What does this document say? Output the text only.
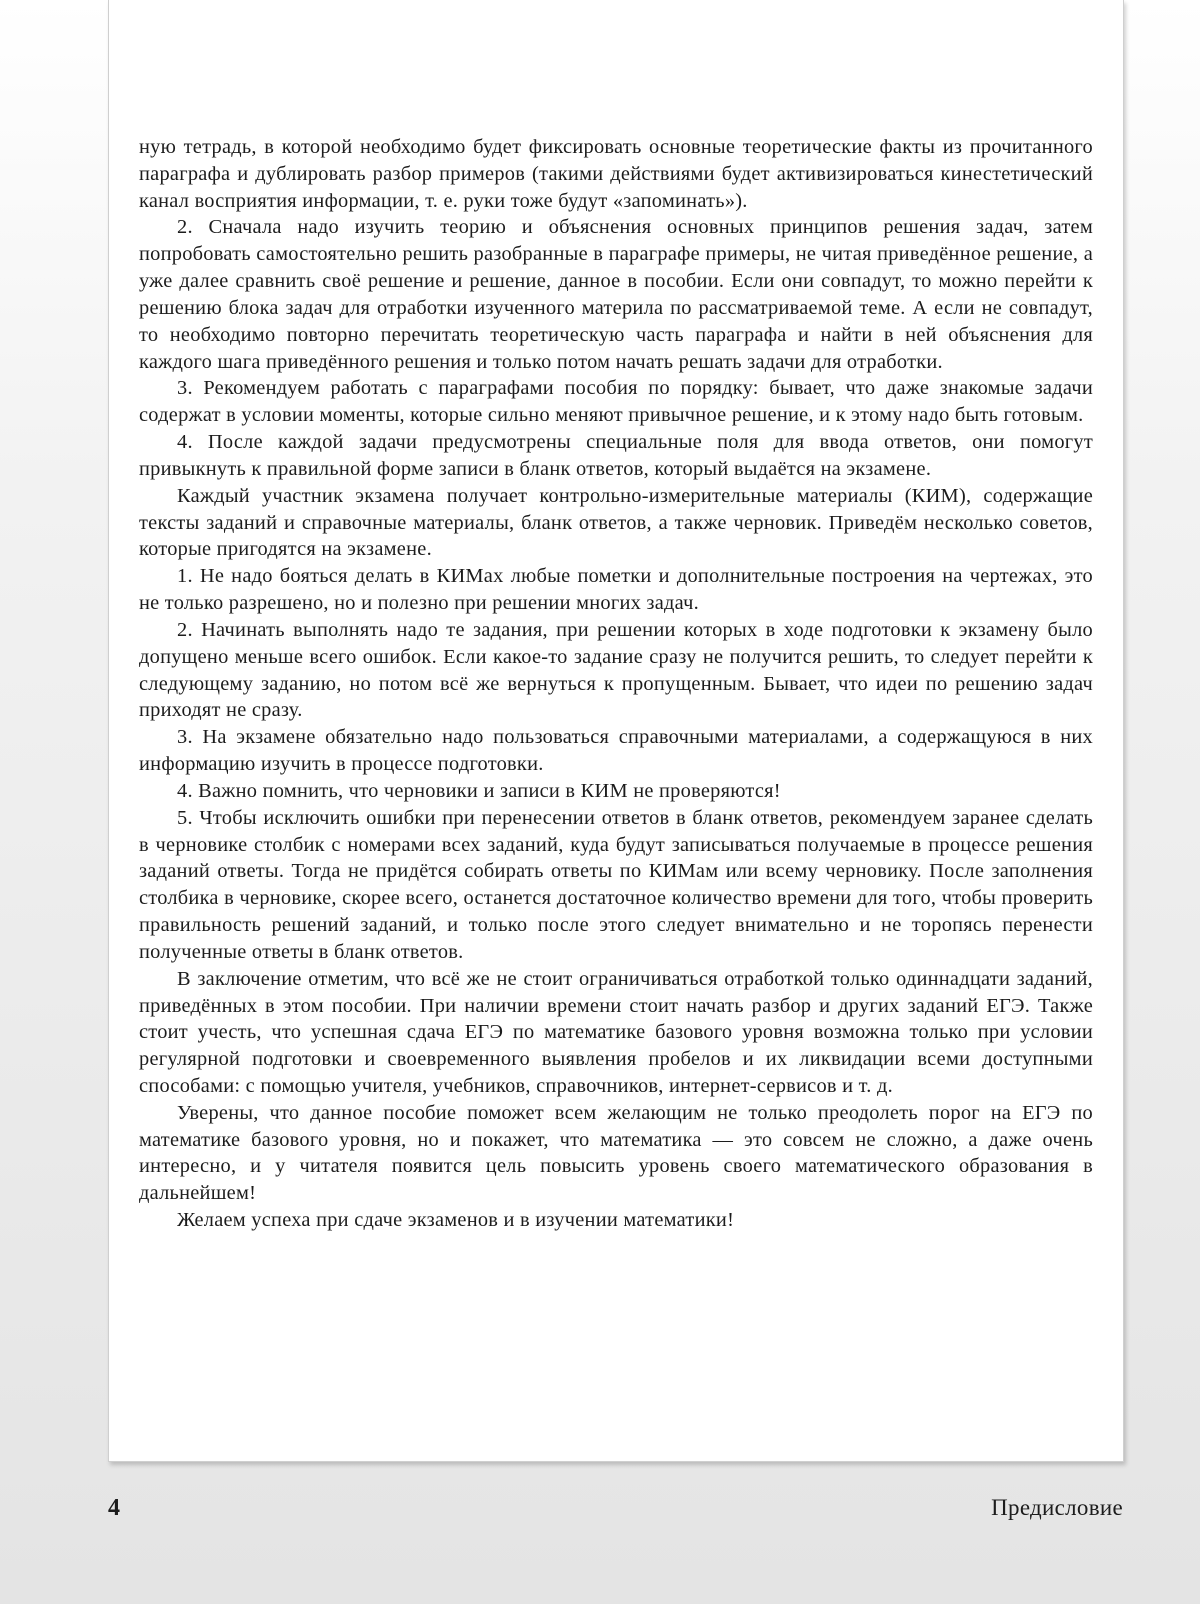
ную тетрадь, в которой необходимо будет фиксировать основные теоретические факты из прочитанного параграфа и дублировать разбор примеров (такими действиями будет активизироваться кинестетический канал восприятия информации, т. е. руки тоже будут «запоминать»).

2. Сначала надо изучить теорию и объяснения основных принципов решения задач, затем попробовать самостоятельно решить разобранные в параграфе примеры, не читая приведённое решение, а уже далее сравнить своё решение и решение, данное в пособии. Если они совпадут, то можно перейти к решению блока задач для отработки изученного материла по рассматриваемой теме. А если не совпадут, то необходимо повторно перечитать теоретическую часть параграфа и найти в ней объяснения для каждого шага приведённого решения и только потом начать решать задачи для отработки.

3. Рекомендуем работать с параграфами пособия по порядку: бывает, что даже знакомые задачи содержат в условии моменты, которые сильно меняют привычное решение, и к этому надо быть готовым.

4. После каждой задачи предусмотрены специальные поля для ввода ответов, они помогут привыкнуть к правильной форме записи в бланк ответов, который выдаётся на экзамене.

Каждый участник экзамена получает контрольно-измерительные материалы (КИМ), содержащие тексты заданий и справочные материалы, бланк ответов, а также черновик. Приведём несколько советов, которые пригодятся на экзамене.

1. Не надо бояться делать в КИМах любые пометки и дополнительные построения на чертежах, это не только разрешено, но и полезно при решении многих задач.

2. Начинать выполнять надо те задания, при решении которых в ходе подготовки к экзамену было допущено меньше всего ошибок. Если какое-то задание сразу не получится решить, то следует перейти к следующему заданию, но потом всё же вернуться к пропущенным. Бывает, что идеи по решению задач приходят не сразу.

3. На экзамене обязательно надо пользоваться справочными материалами, а содержащуюся в них информацию изучить в процессе подготовки.

4. Важно помнить, что черновики и записи в КИМ не проверяются!

5. Чтобы исключить ошибки при перенесении ответов в бланк ответов, рекомендуем заранее сделать в черновике столбик с номерами всех заданий, куда будут записываться получаемые в процессе решения заданий ответы. Тогда не придётся собирать ответы по КИМам или всему черновику. После заполнения столбика в черновике, скорее всего, останется достаточное количество времени для того, чтобы проверить правильность решений заданий, и только после этого следует внимательно и не торопясь перенести полученные ответы в бланк ответов.

В заключение отметим, что всё же не стоит ограничиваться отработкой только одиннадцати заданий, приведённых в этом пособии. При наличии времени стоит начать разбор и других заданий ЕГЭ. Также стоит учесть, что успешная сдача ЕГЭ по математике базового уровня возможна только при условии регулярной подготовки и своевременного выявления пробелов и их ликвидации всеми доступными способами: с помощью учителя, учебников, справочников, интернет-сервисов и т. д.

Уверены, что данное пособие поможет всем желающим не только преодолеть порог на ЕГЭ по математике базового уровня, но и покажет, что математика — это совсем не сложно, а даже очень интересно, и у читателя появится цель повысить уровень своего математического образования в дальнейшем!

Желаем успеха при сдаче экзаменов и в изучении математики!

4	Предисловие
